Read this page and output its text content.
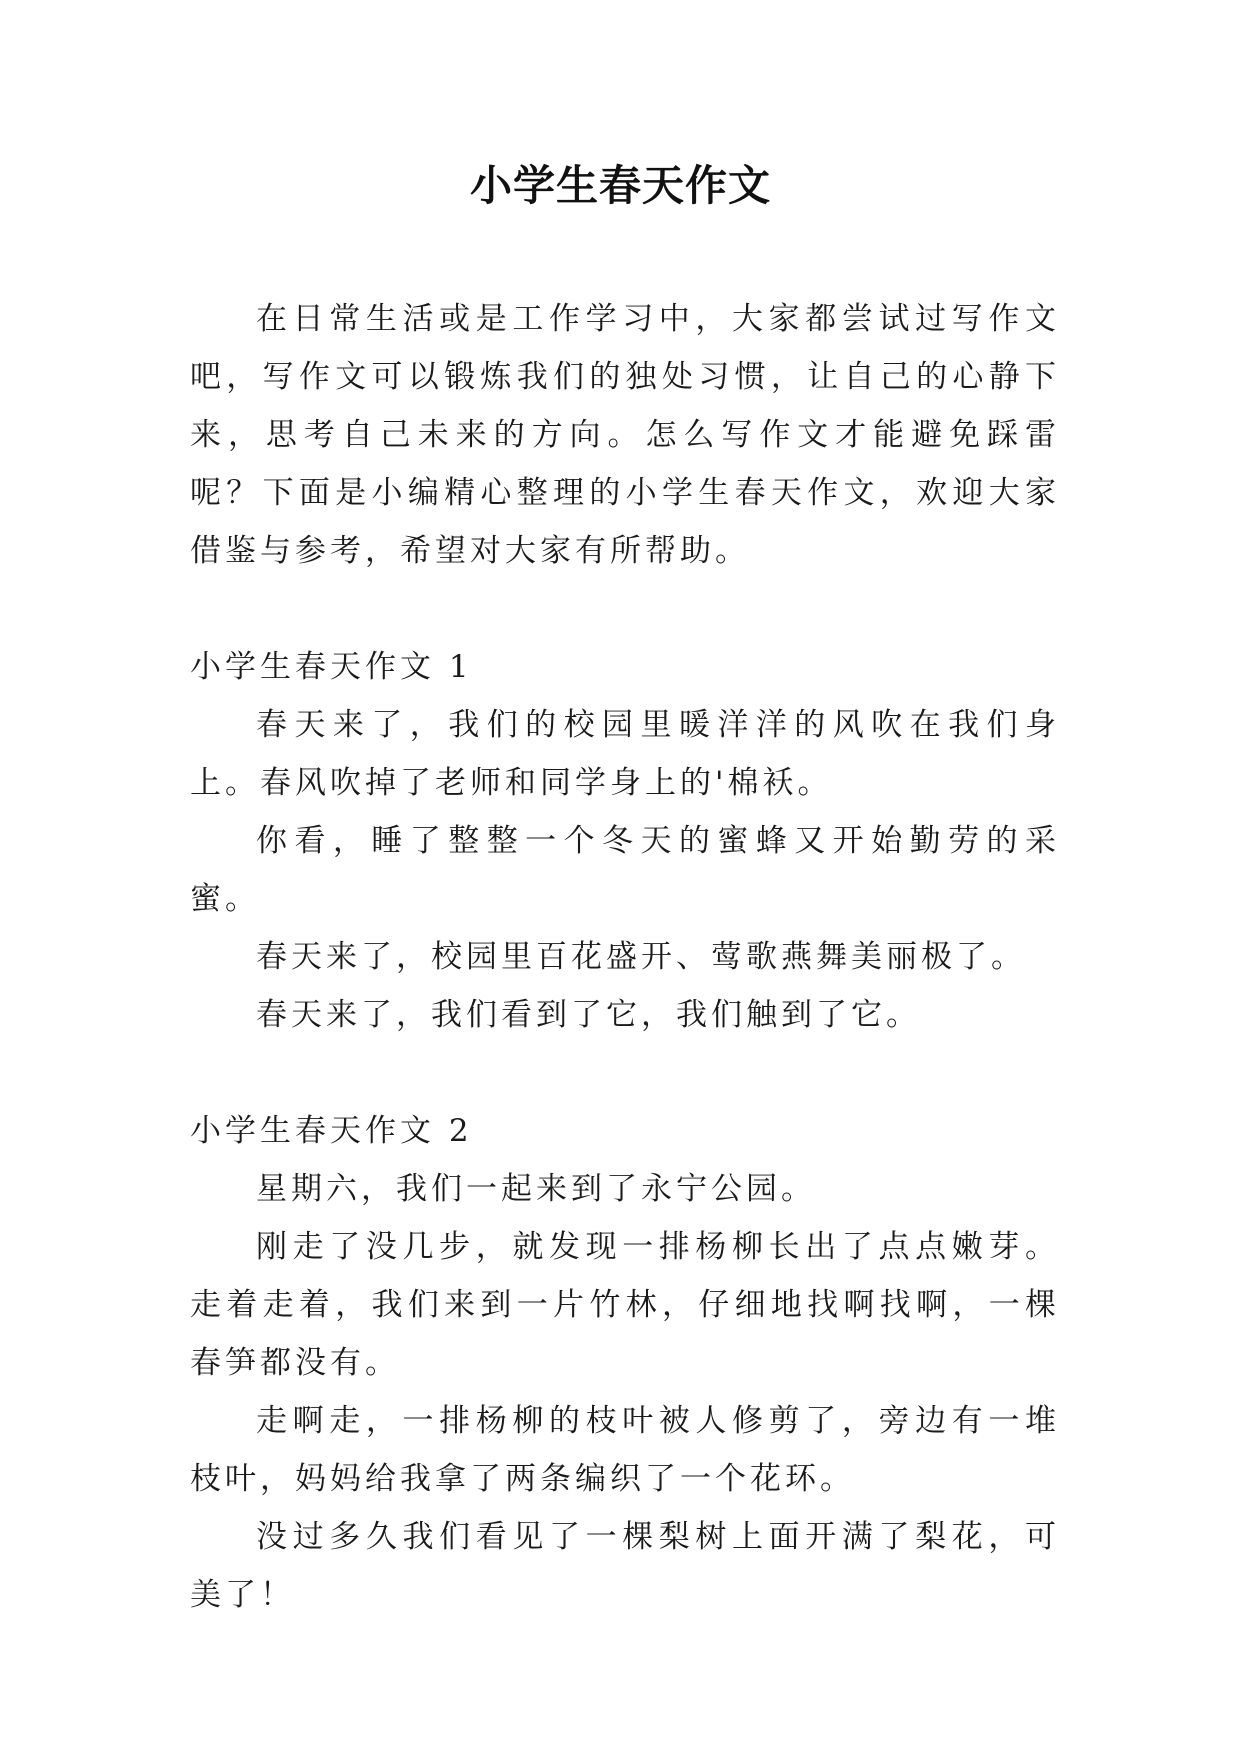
小学生春天作文

在日常生活或是工作学习中，大家都尝试过写作文吧，写作文可以锻炼我们的独处习惯，让自己的心静下来，思考自己未来的方向。怎么写作文才能避免踩雷呢？下面是小编精心整理的小学生春天作文，欢迎大家借鉴与参考，希望对大家有所帮助。

小学生春天作文 1

春天来了，我们的校园里暖洋洋的风吹在我们身上。春风吹掉了老师和同学身上的'棉袄。

你看，睡了整整一个冬天的蜜蜂又开始勤劳的采蜜。

春天来了，校园里百花盛开、莺歌燕舞美丽极了。

春天来了，我们看到了它，我们触到了它。

小学生春天作文 2

星期六，我们一起来到了永宁公园。

刚走了没几步，就发现一排杨柳长出了点点嫩芽。走着走着，我们来到一片竹林，仔细地找啊找啊，一棵春笋都没有。

走啊走，一排杨柳的枝叶被人修剪了，旁边有一堆枝叶，妈妈给我拿了两条编织了一个花环。

没过多久我们看见了一棵梨树上面开满了梨花，可美了！
